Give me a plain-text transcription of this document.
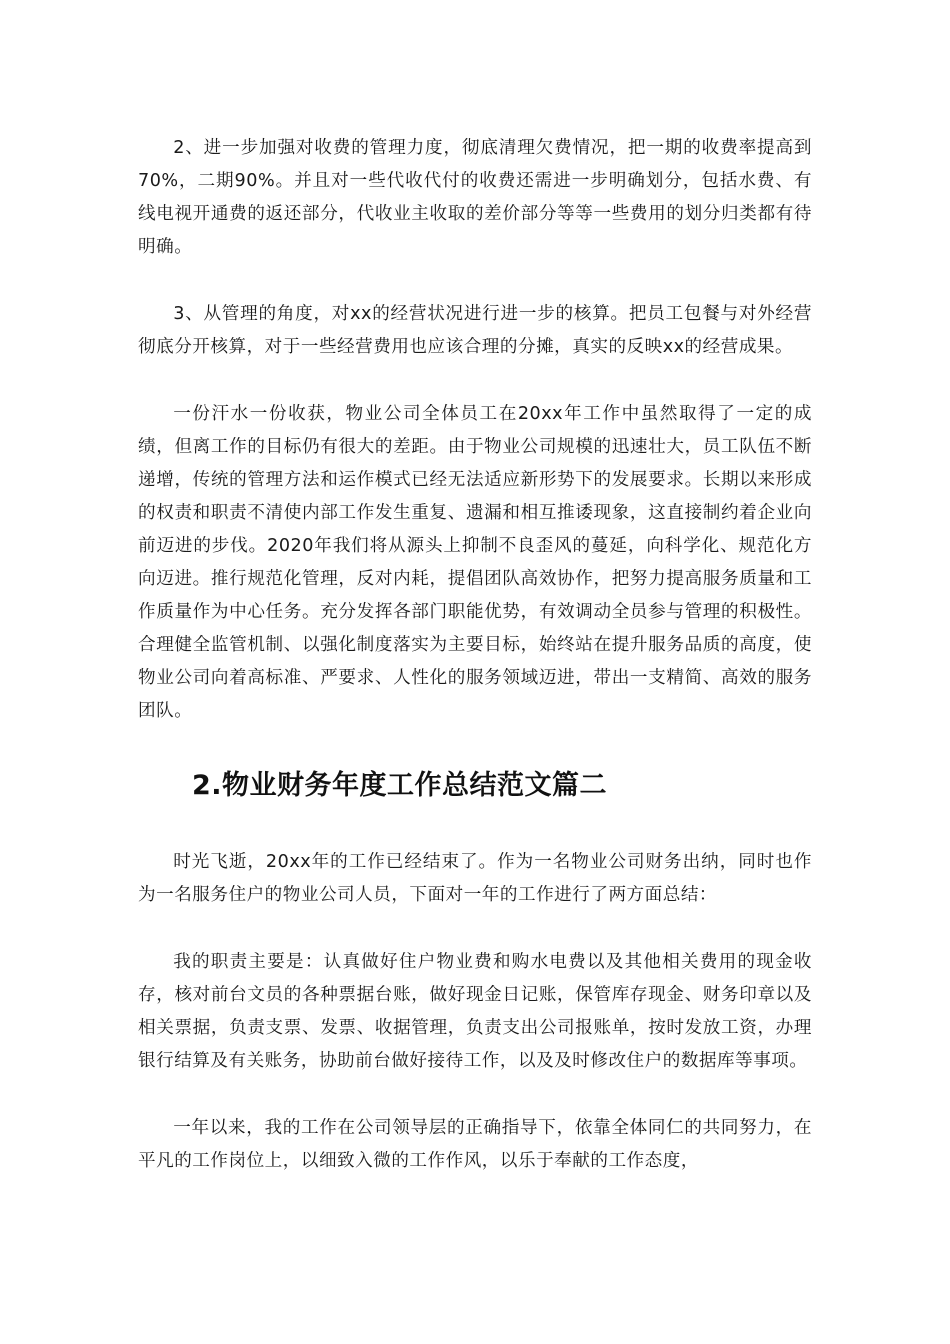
2、进一步加强对收费的管理力度，彻底清理欠费情况，把一期的收费率提高到70%，二期90%。并且对一些代收代付的收费还需进一步明确划分，包括水费、有线电视开通费的返还部分，代收业主收取的差价部分等等一些费用的划分归类都有待明确。

3、从管理的角度，对xx的经营状况进行进一步的核算。把员工包餐与对外经营彻底分开核算，对于一些经营费用也应该合理的分摊，真实的反映xx的经营成果。

一份汗水一份收获，物业公司全体员工在20xx年工作中虽然取得了一定的成绩，但离工作的目标仍有很大的差距。由于物业公司规模的迅速壮大，员工队伍不断递增，传统的管理方法和运作模式已经无法适应新形势下的发展要求。长期以来形成的权责和职责不清使内部工作发生重复、遗漏和相互推诿现象，这直接制约着企业向前迈进的步伐。2020年我们将从源头上抑制不良歪风的蔓延，向科学化、规范化方向迈进。推行规范化管理，反对内耗，提倡团队高效协作，把努力提高服务质量和工作质量作为中心任务。充分发挥各部门职能优势，有效调动全员参与管理的积极性。合理健全监管机制、以强化制度落实为主要目标，始终站在提升服务品质的高度，使物业公司向着高标准、严要求、人性化的服务领域迈进，带出一支精简、高效的服务团队。

2.物业财务年度工作总结范文篇二

时光飞逝，20xx年的工作已经结束了。作为一名物业公司财务出纳，同时也作为一名服务住户的物业公司人员，下面对一年的工作进行了两方面总结：

我的职责主要是：认真做好住户物业费和购水电费以及其他相关费用的现金收存，核对前台文员的各种票据台账，做好现金日记账，保管库存现金、财务印章以及相关票据，负责支票、发票、收据管理，负责支出公司报账单，按时发放工资，办理银行结算及有关账务，协助前台做好接待工作，以及及时修改住户的数据库等事项。

一年以来，我的工作在公司领导层的正确指导下，依靠全体同仁的共同努力，在平凡的工作岗位上，以细致入微的工作作风，以乐于奉献的工作态度，
